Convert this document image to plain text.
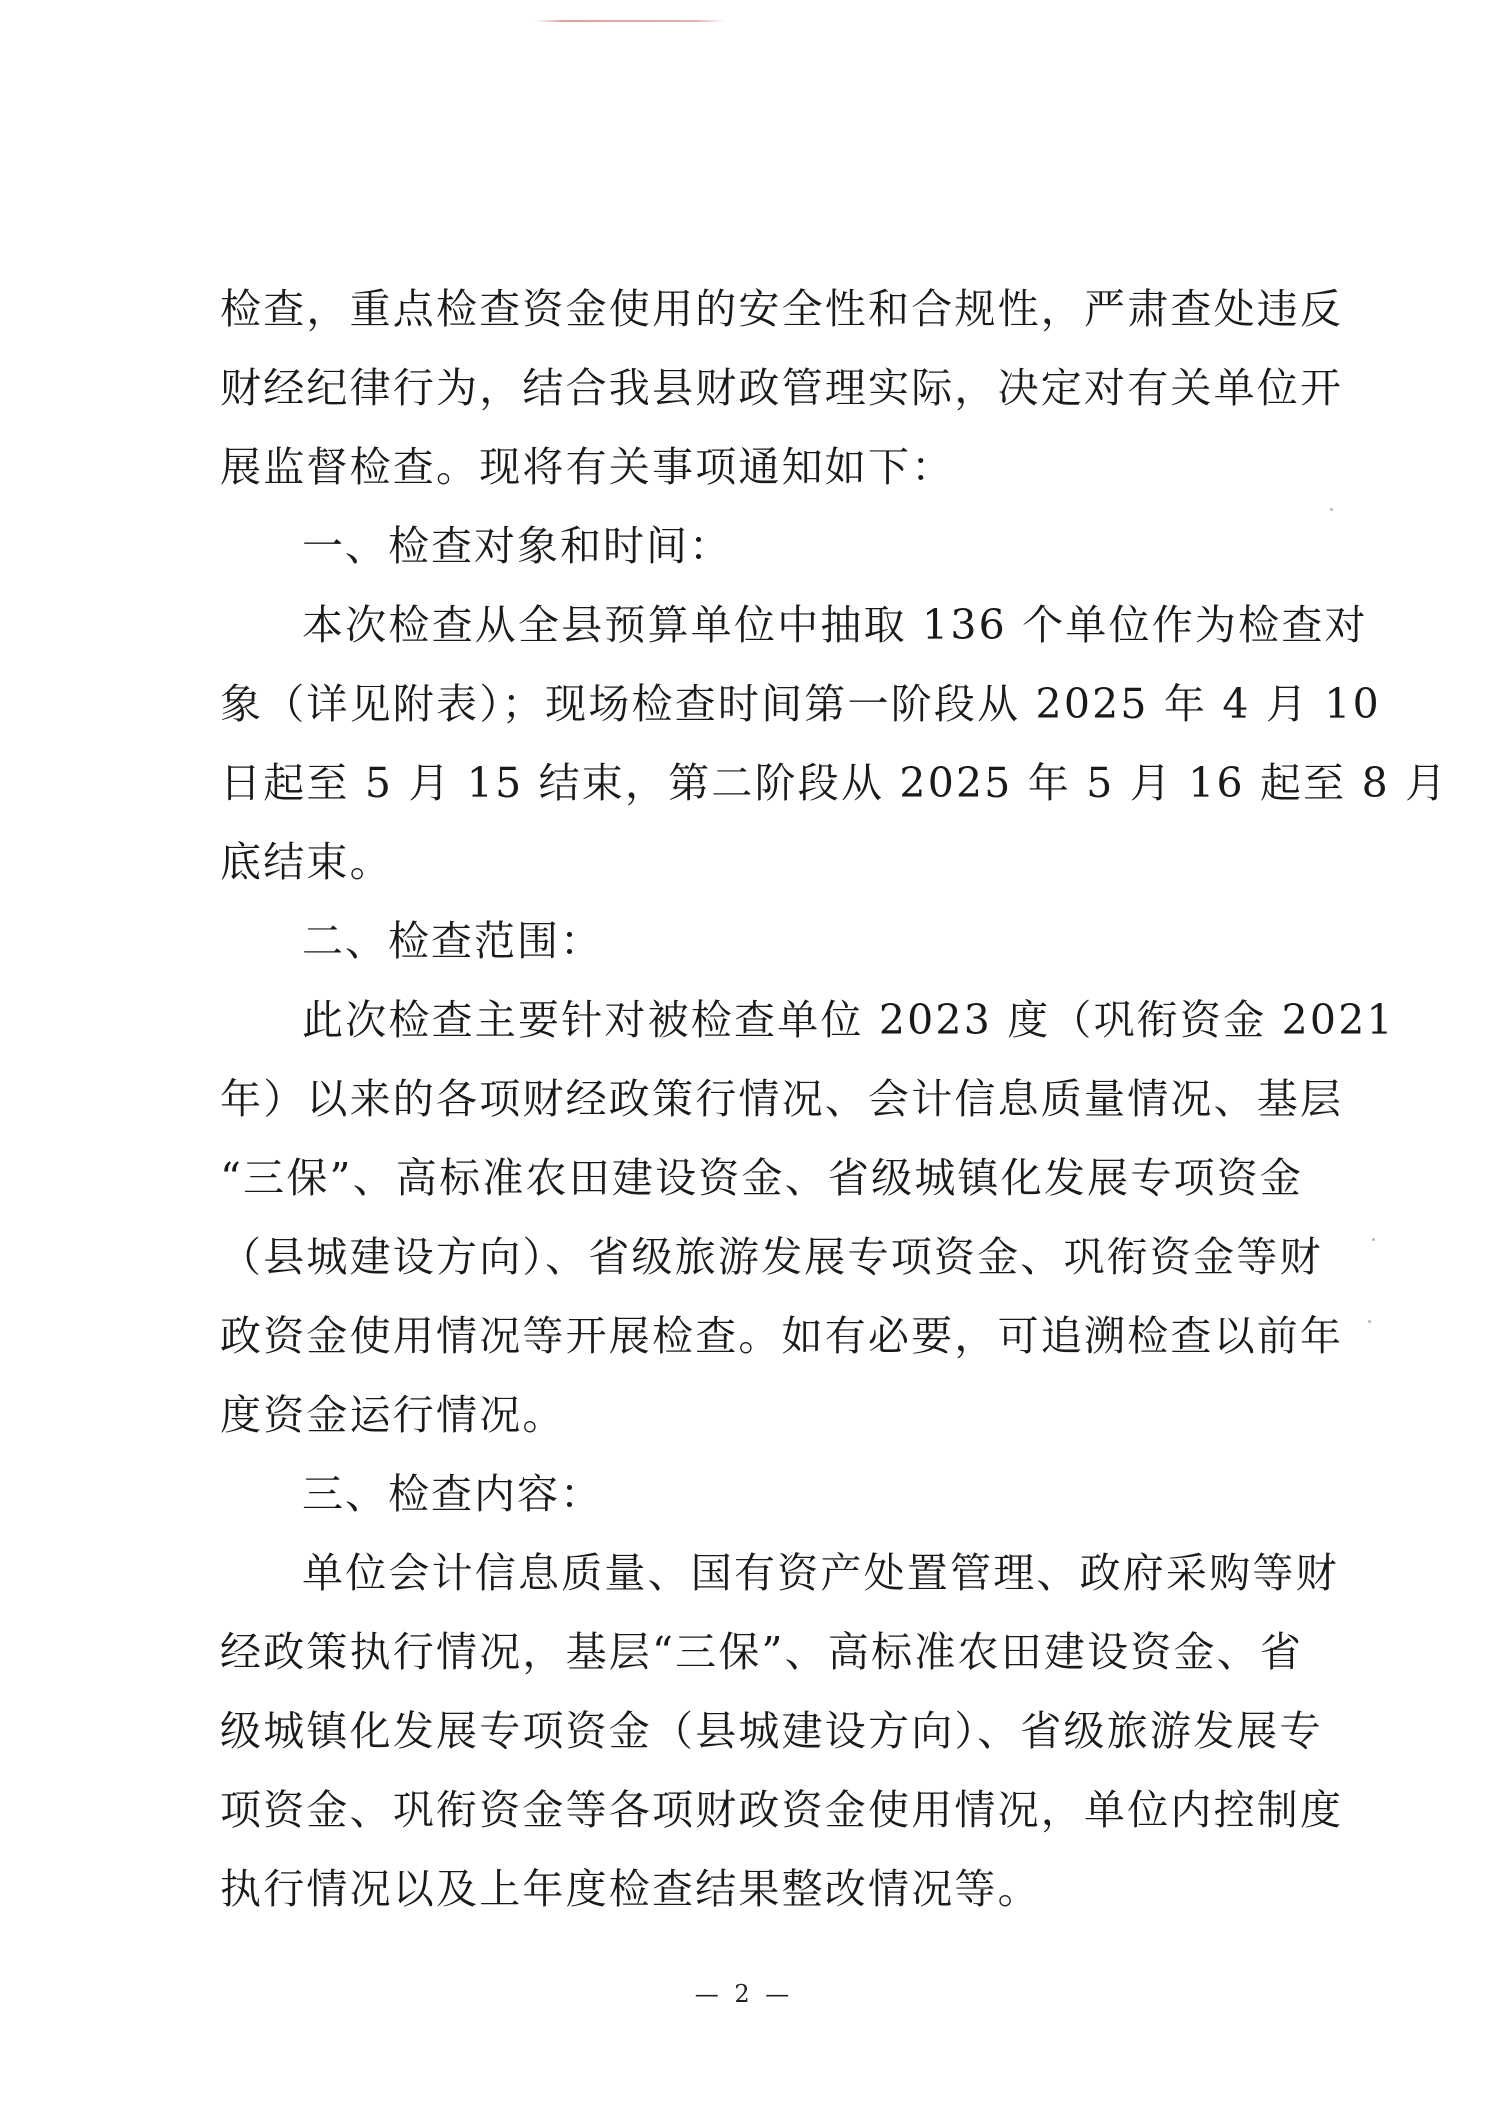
检查，重点检查资金使用的安全性和合规性，严肃查处违反
财经纪律行为，结合我县财政管理实际，决定对有关单位开
展监督检查。现将有关事项通知如下：
一、检查对象和时间：
本次检查从全县预算单位中抽取 136 个单位作为检查对
象（详见附表）；现场检查时间第一阶段从 2025 年 4 月 10
日起至 5 月 15 结束，第二阶段从 2025 年 5 月 16 起至 8 月
底结束。
二、检查范围：
此次检查主要针对被检查单位 2023 度（巩衔资金 2021
年）以来的各项财经政策行情况、会计信息质量情况、基层
“三保”、高标准农田建设资金、省级城镇化发展专项资金
（县城建设方向）、省级旅游发展专项资金、巩衔资金等财
政资金使用情况等开展检查。如有必要，可追溯检查以前年
度资金运行情况。
三、检查内容：
单位会计信息质量、国有资产处置管理、政府采购等财
经政策执行情况，基层“三保”、高标准农田建设资金、省
级城镇化发展专项资金（县城建设方向）、省级旅游发展专
项资金、巩衔资金等各项财政资金使用情况，单位内控制度
执行情况以及上年度检查结果整改情况等。
— 2 —
